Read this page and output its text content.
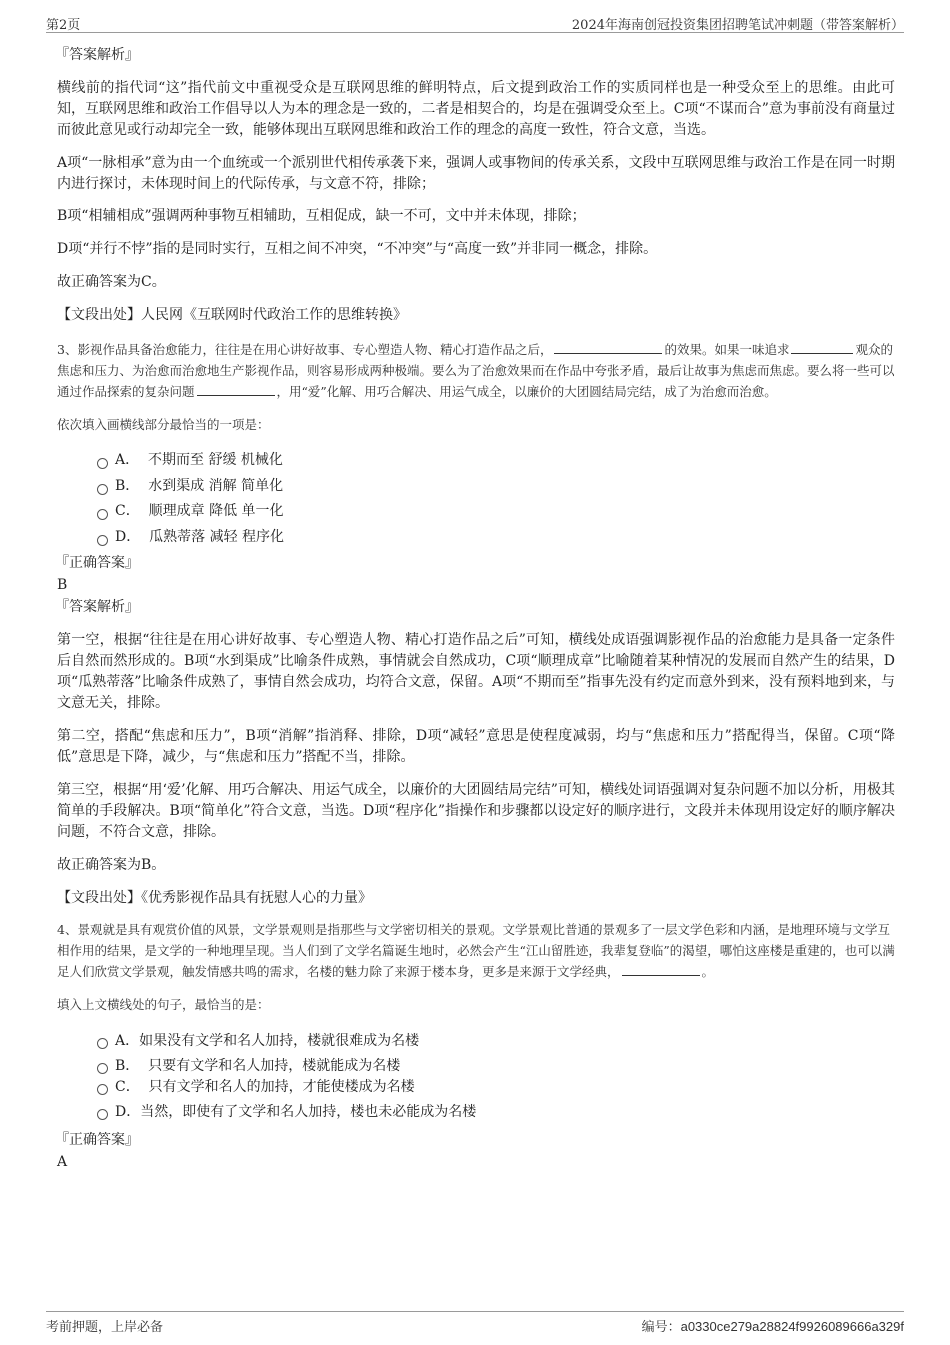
第2页	2024年海南创冠投资集团招聘笔试冲刺题（带答案解析）

『答案解析』

横线前的指代词“这”指代前文中重视受众是互联网思维的鲜明特点，后文提到政治工作的实质同样也是一种受众至上的思维。由此可知，互联网思维和政治工作倡导以人为本的理念是一致的，二者是相契合的，均是在强调受众至上。C项“不谋而合”意为事前没有商量过而彼此意见或行动却完全一致，能够体现出互联网思维和政治工作的理念的高度一致性，符合文意，当选。

A项“一脉相承”意为由一个血统或一个派别世代相传承袭下来，强调人或事物间的传承关系，文段中互联网思维与政治工作是在同一时期内进行探讨，未体现时间上的代际传承，与文意不符，排除；

B项“相辅相成”强调两种事物互相辅助，互相促成，缺一不可，文中并未体现，排除；

D项“并行不悖”指的是同时实行，互相之间不冲突，“不冲突”与“高度一致”并非同一概念，排除。

故正确答案为C。

【文段出处】人民网《互联网时代政治工作的思维转换》

3、影视作品具备治愈能力，往往是在用心讲好故事、专心塑造人物、精心打造作品之后，	的效果。如果一味追求	观众的焦虑和压力、为治愈而治愈地生产影视作品，则容易形成两种极端。要么为了治愈效果而在作品中夸张矛盾，最后让故事为焦虑而焦虑。要么将一些可以通过作品探索的复杂问题	，用“爱”化解、用巧合解决、用运气成全，以廉价的大团圆结局完结，成了为治愈而治愈。

依次填入画横线部分最恰当的一项是：

A． 不期而至 舒缓 机械化
B． 水到渠成 消解 简单化
C． 顺理成章 降低 单一化
D． 瓜熟蒂落 减轻 程序化

『正确答案』

B

『答案解析』

第一空，根据“往往是在用心讲好故事、专心塑造人物、精心打造作品之后”可知，横线处成语强调影视作品的治愈能力是具备一定条件后自然而然形成的。B项“水到渠成”比喻条件成熟，事情就会自然成功，C项“顺理成章”比喻随着某种情况的发展而自然产生的结果，D项“瓜熟蒂落”比喻条件成熟了，事情自然会成功，均符合文意，保留。A项“不期而至”指事先没有约定而意外到来，没有预料地到来，与文意无关，排除。

第二空，搭配“焦虑和压力”，B项“消解”指消释、排除，D项“减轻”意思是使程度减弱，均与“焦虑和压力”搭配得当，保留。C项“降低”意思是下降，减少，与“焦虑和压力”搭配不当，排除。

第三空，根据“用‘爱’化解、用巧合解决、用运气成全，以廉价的大团圆结局完结”可知，横线处词语强调对复杂问题不加以分析，用极其简单的手段解决。B项“简单化”符合文意，当选。D项“程序化”指操作和步骤都以设定好的顺序进行，文段并未体现用设定好的顺序解决问题，不符合文意，排除。

故正确答案为B。

【文段出处】《优秀影视作品具有抚慰人心的力量》

4、景观就是具有观赏价值的风景，文学景观则是指那些与文学密切相关的景观。文学景观比普通的景观多了一层文学色彩和内涵，是地理环境与文学互相作用的结果，是文学的一种地理呈现。当人们到了文学名篇诞生地时，必然会产生“江山留胜迹，我辈复登临”的渴望，哪怕这座楼是重建的，也可以满足人们欣赏文学景观，触发情感共鸣的需求，名楼的魅力除了来源于楼本身，更多是来源于文学经典，	。

填入上文横线处的句子，最恰当的是：

A．如果没有文学和名人加持，楼就很难成为名楼
B． 只要有文学和名人加持，楼就能成为名楼
C． 只有文学和名人的加持，才能使楼成为名楼
D．当然，即使有了文学和名人加持，楼也未必能成为名楼

『正确答案』

A

考前押题，上岸必备	编号：a0330ce279a28824f9926089666a329f
